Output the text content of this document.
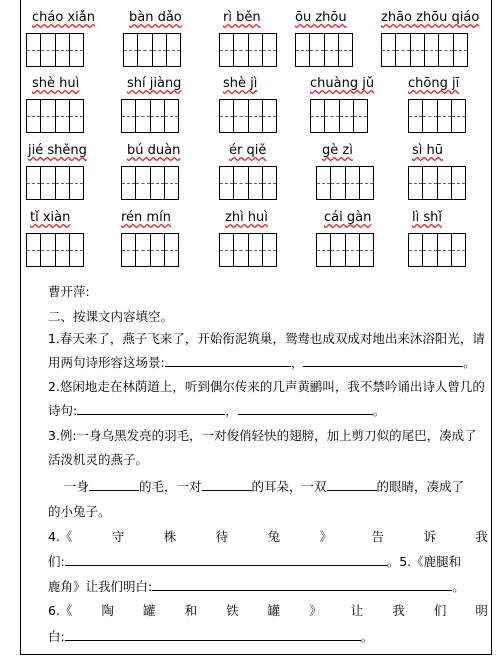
cháo xiǎn	bàn dǎo	rì běn	ōu zhōu	zhāo zhōu qiáo
shè huì	shí jiàng	shè jì	chuàng jǔ	chōng jī
jié shěng	bú duàn	ér qiě	gè zì	sì hū
tǐ xiàn	rén mín	zhì huì	cái gàn	lì shǐ
曹开萍:
二、按课文内容填空。
1.春天来了，燕子飞来了，开始衔泥筑巢，鸳鸯也成双成对地出来沐浴阳光，请
用两句诗形容这场景:	，	。
2.悠闲地走在林荫道上，听到偶尔传来的几声黄鹂叫，我不禁吟诵出诗人曾几的
诗句:	，	。
3.例:一身乌黑发亮的羽毛，一对俊俏轻快的翅膀，加上剪刀似的尾巴，凑成了
活泼机灵的燕子。
一身	的毛，一对	的耳朵，一双	的眼睛，凑成了
的小兔子。
4.《	守	株	待	兔	》	告	诉	我
们:	。5.《鹿腿和
鹿角》让我们明白:	。
6.《 陶 罐 和 铁 罐 》 让 我 们 明
白:	。
